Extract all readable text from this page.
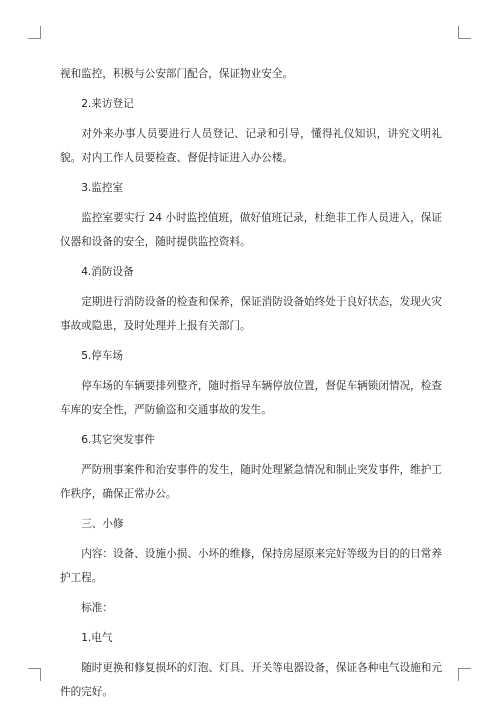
视和监控，积极与公安部门配合，保证物业安全。

2.来访登记

对外来办事人员要进行人员登记、记录和引导，懂得礼仪知识，讲究文明礼貌。对内工作人员要检查、督促持证进入办公楼。

3.监控室

监控室要实行 24 小时监控值班，做好值班记录，杜绝非工作人员进入，保证仪器和设备的安全，随时提供监控资料。

4.消防设备

定期进行消防设备的检查和保养，保证消防设备始终处于良好状态，发现火灾事故或隐患，及时处理并上报有关部门。

5.停车场

停车场的车辆要排列整齐，随时指导车辆停放位置，督促车辆锁闭情况，检查车库的安全性，严防偷盗和交通事故的发生。

6.其它突发事件

严防刑事案件和治安事件的发生，随时处理紧急情况和制止突发事件，维护工作秩序，确保正常办公。

三、小修

内容：设备、设施小损、小坏的维修，保持房屋原来完好等级为目的的日常养护工程。

标准：

1.电气

随时更换和修复损坏的灯泡、灯具、开关等电器设备，保证各种电气设施和元件的完好。
